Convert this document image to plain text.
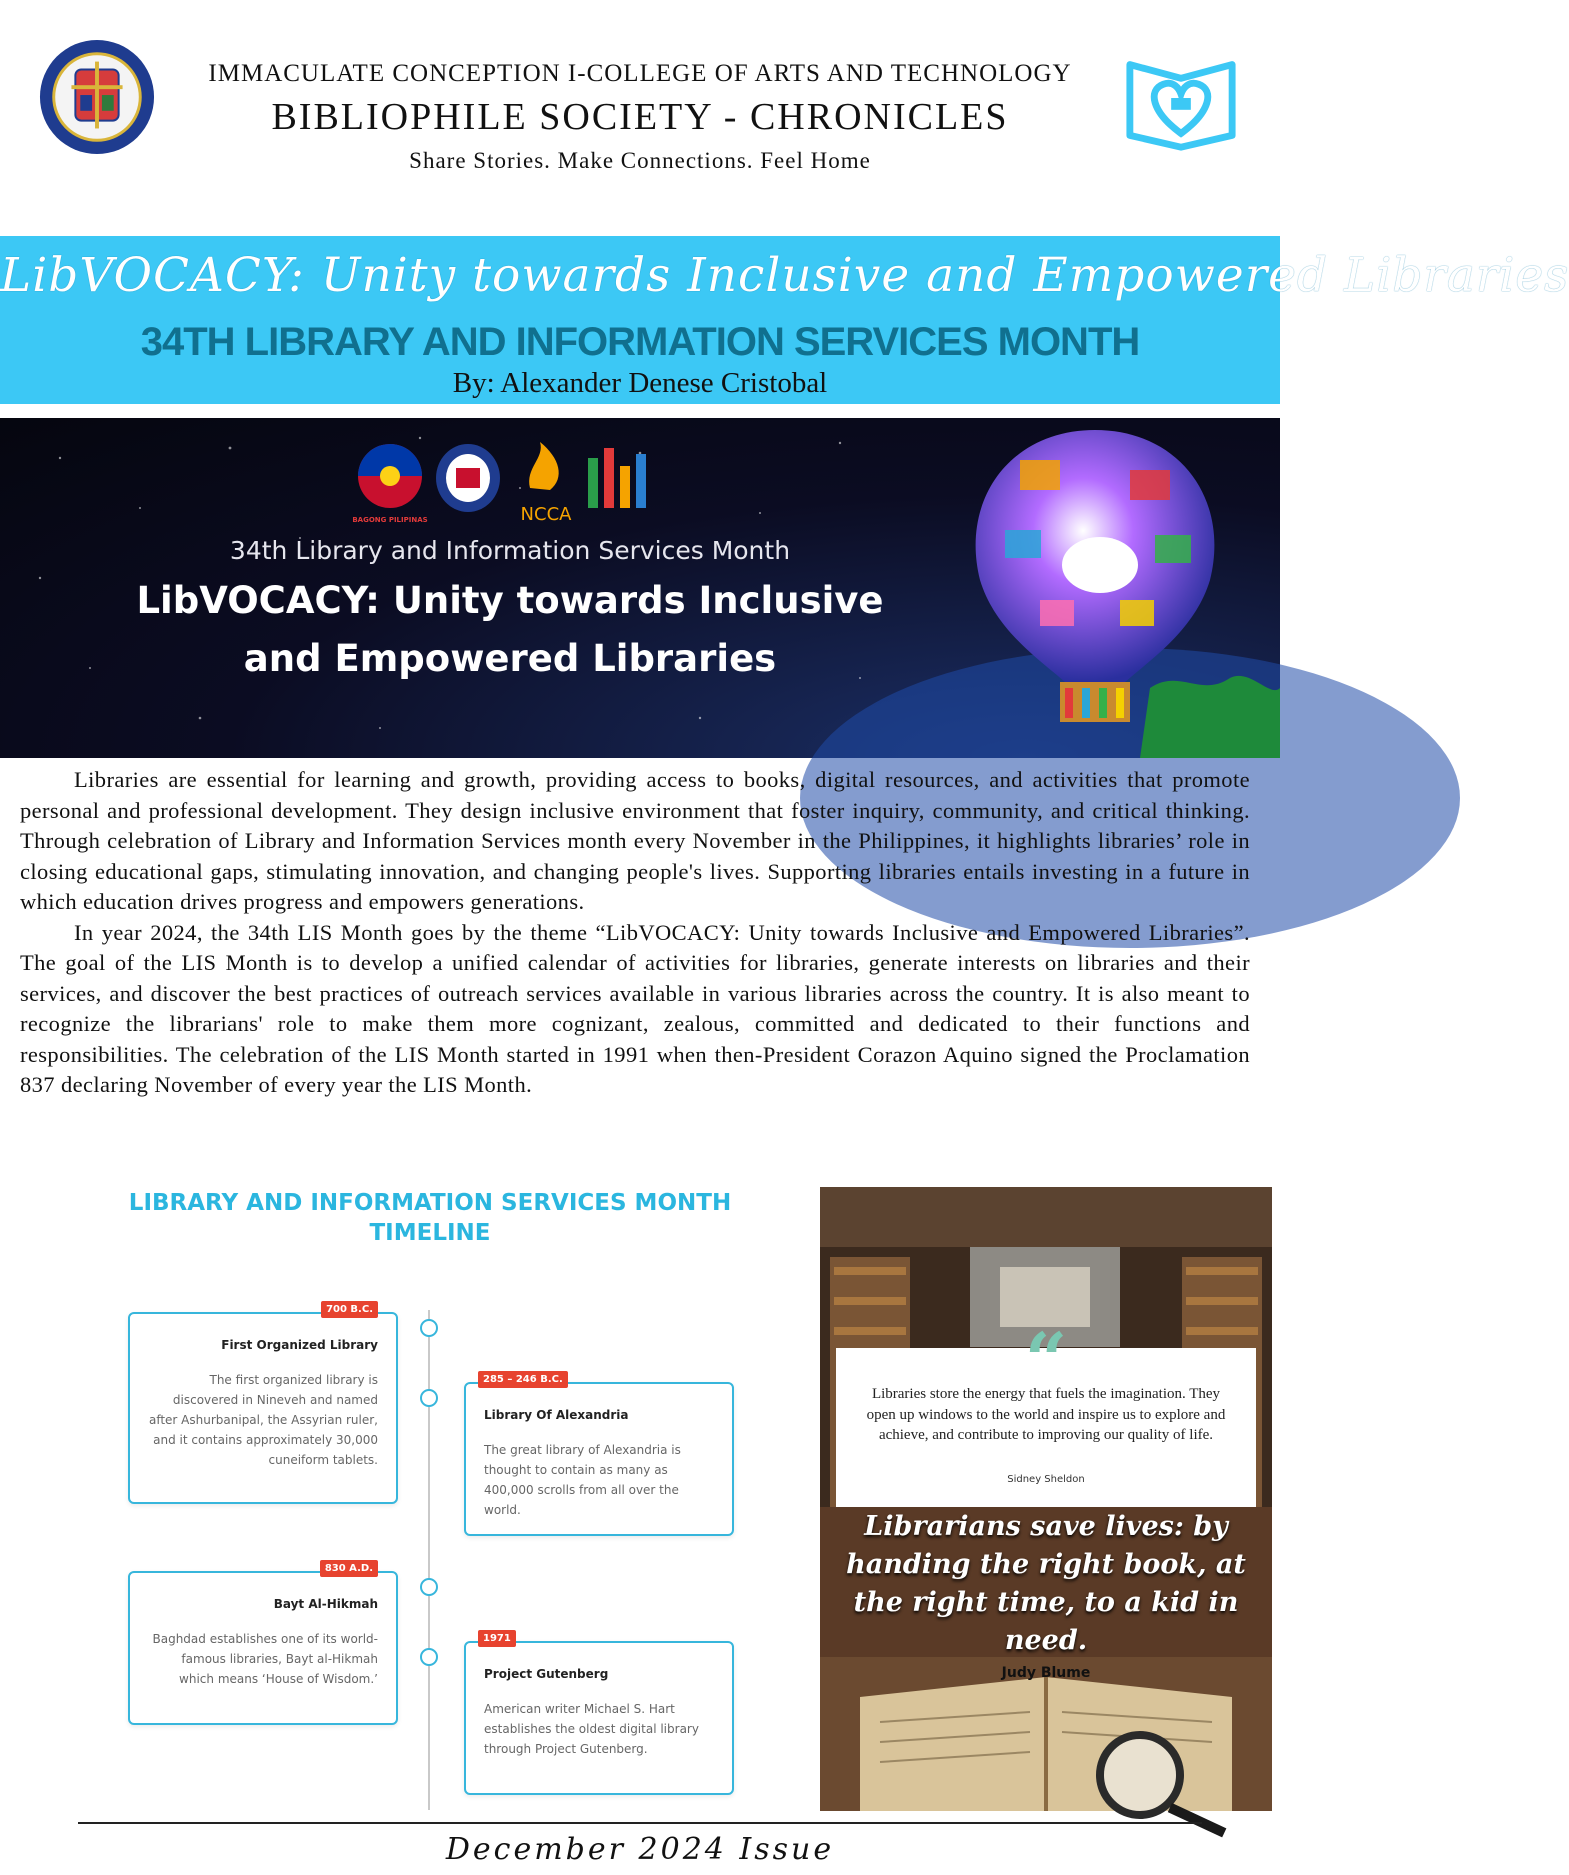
IMMACULATE CONCEPTION I-COLLEGE OF ARTS AND TECHNOLOGY
BIBLIOPHILE SOCIETY - CHRONICLES
Share Stories. Make Connections. Feel Home
LibVOCACY: Unity towards Inclusive and Empowered Libraries
34TH LIBRARY AND INFORMATION SERVICES MONTH
By: Alexander Denese Cristobal
BAGONG PILIPINAS	NCCA
34th Library and Information Services Month
LibVOCACY: Unity towards Inclusive
and Empowered Libraries

Libraries are essential for learning and growth, providing access to books, digital resources, and activities that promote personal and professional development. They design inclusive environment that foster inquiry, community, and critical thinking. Through celebration of Library and Information Services month every November in the Philippines, it highlights libraries’ role in closing educational gaps, stimulating innovation, and changing people's lives. Supporting libraries entails investing in a future in which education drives progress and empowers generations.

In year 2024, the 34th LIS Month goes by the theme “LibVOCACY: Unity towards Inclusive and Empowered Libraries”. The goal of the LIS Month is to develop a unified calendar of activities for libraries, generate interests on libraries and their services, and discover the best practices of outreach services available in various libraries across the country. It is also meant to recognize the librarians' role to make them more cognizant, zealous, committed and dedicated to their functions and responsibilities. The celebration of the LIS Month started in 1991 when then-President Corazon Aquino signed the Proclamation 837 declaring November of every year the LIS Month.

LIBRARY AND INFORMATION SERVICES MONTH
TIMELINE
First Organized Library
The first organized library is discovered in Nineveh and named after Ashurbanipal, the Assyrian ruler, and it contains approximately 30,000 cuneiform tablets.
700 B.C.
Library Of Alexandria
The great library of Alexandria is thought to contain as many as 400,000 scrolls from all over the world.
285 – 246 B.C.
Bayt Al-Hikmah
Baghdad establishes one of its world-famous libraries, Bayt al-Hikmah which means ‘House of Wisdom.’
830 A.D.
Project Gutenberg
American writer Michael S. Hart establishes the oldest digital library through Project Gutenberg.
1971
“
Libraries store the energy that fuels the imagination. They open up windows to the world and inspire us to explore and achieve, and contribute to improving our quality of life.
Sidney Sheldon
Librarians save lives: by handing the right book, at the right time, to a kid in need.
Judy Blume
December 2024 Issue
